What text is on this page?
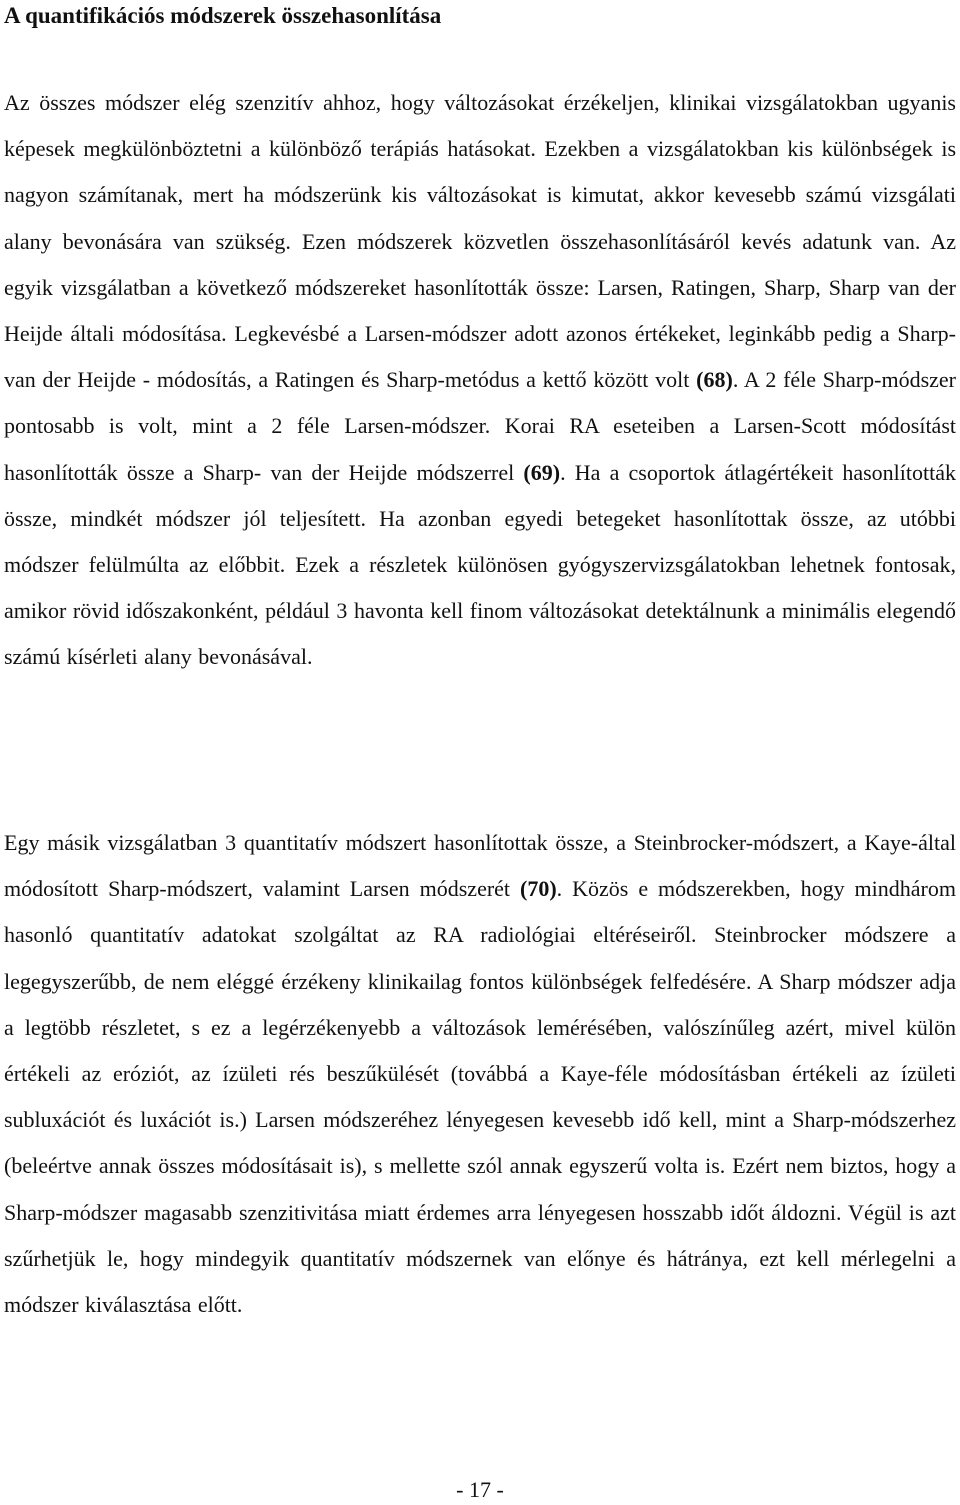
A quantifikációs módszerek összehasonlítása

Az összes módszer elég szenzitív ahhoz, hogy változásokat érzékeljen, klinikai vizsgálatokban ugyanis képesek megkülönböztetni a különböző terápiás hatásokat. Ezekben a vizsgálatokban kis különbségek is nagyon számítanak, mert ha módszerünk kis változásokat is kimutat, akkor kevesebb számú vizsgálati alany bevonására van szükség. Ezen módszerek közvetlen összehasonlításáról kevés adatunk van. Az egyik vizsgálatban a következő módszereket hasonlították össze: Larsen, Ratingen, Sharp, Sharp van der Heijde általi módosítása. Legkevésbé a Larsen-módszer adott azonos értékeket, leginkább pedig a Sharp-van der Heijde - módosítás, a Ratingen és Sharp-metódus a kettő között volt (68). A 2 féle Sharp-módszer pontosabb is volt, mint a 2 féle Larsen-módszer. Korai RA eseteiben a Larsen-Scott módosítást hasonlították össze a Sharp- van der Heijde módszerrel (69). Ha a csoportok átlagértékeit hasonlították össze, mindkét módszer jól teljesített. Ha azonban egyedi betegeket hasonlítottak össze, az utóbbi módszer felülmúlta az előbbit. Ezek a részletek különösen gyógyszervizsgálatokban lehetnek fontosak, amikor rövid időszakonként, például 3 havonta kell finom változásokat detektálnunk a minimális elegendő számú kísérleti alany bevonásával.

Egy másik vizsgálatban 3 quantitatív módszert hasonlítottak össze, a Steinbrocker-módszert, a Kaye-által módosított Sharp-módszert, valamint Larsen módszerét (70). Közös e módszerekben, hogy mindhárom hasonló quantitatív adatokat szolgáltat az RA radiológiai eltéréseiről. Steinbrocker módszere a legegyszerűbb, de nem eléggé érzékeny klinikailag fontos különbségek felfedésére. A Sharp módszer adja a legtöbb részletet, s ez a legérzékenyebb a változások lemérésében, valószínűleg azért, mivel külön értékeli az eróziót, az ízületi rés beszűkülését (továbbá a Kaye-féle módosításban értékeli az ízületi subluxációt és luxációt is.) Larsen módszeréhez lényegesen kevesebb idő kell, mint a Sharp-módszerhez (beleértve annak összes módosításait is), s mellette szól annak egyszerű volta is. Ezért nem biztos, hogy a Sharp-módszer magasabb szenzitivitása miatt érdemes arra lényegesen hosszabb időt áldozni. Végül is azt szűrhetjük le, hogy mindegyik quantitatív módszernek van előnye és hátránya, ezt kell mérlegelni a módszer kiválasztása előtt.

- 17 -
